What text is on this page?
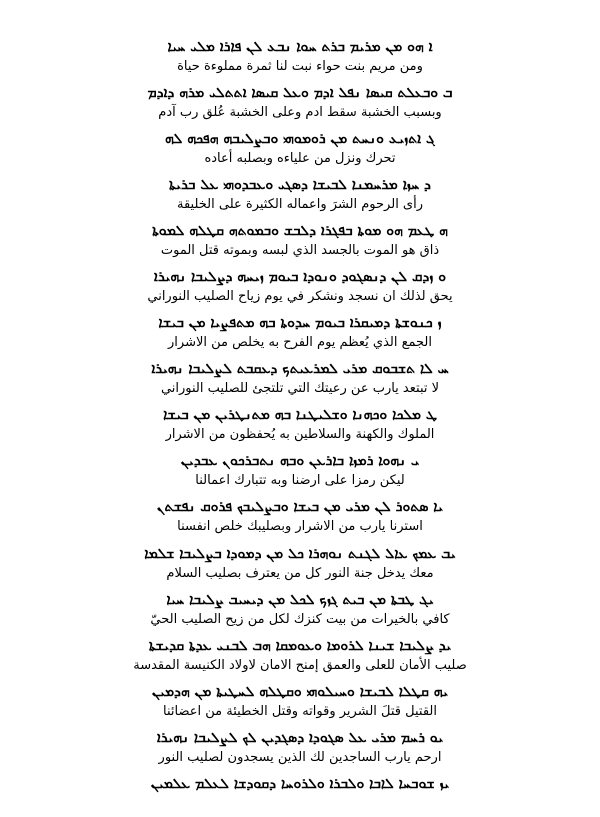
ܐ ܗܘ ܡܢ ܡܪܝܡ ܒܪܬ ܚܘܐ ܢܒܥ ܠܢ ܦܐܪܐ ܡܠܝ ܚܝܐ
ومن مريم بنت حواء نبت لنا ثمرة مملوءة حياة
ܒ ܘܒܥܠܬ ܩܝܣܐ ܢܦܠ ܐܕܡ ܘܥܠ ܩܝܣܐ ܐܬܬܠܝ ܡܪܗ ܕܐܕܡ
وبسبب الخشبة سقط ادم وعلى الخشبة عُلق رب آدم
ܓ ܐܬܙܝܥ ܘܢܚܬ ܡܢ ܪܘܡܘܗܝ ܘܒܨܠܝܒܗ ܗܦܟܗ ܠܗ
تحرك ونزل من علياءه وبصلبه أعاده
ܕ ܚܙܐ ܡܪܚܡܢܐ ܠܒܝܫܐ ܕܣܓܝ ܘܥܒܕܘܗܝ ܥܠ ܒܪܝܬܐ
رأى الرحوم الشرَ واعماله الكثيرة على الخليقة
ܗ ܛܥܡ ܗܘ ܡܘܬܐ ܒܦܓܪܐ ܕܠܒܫ ܘܒܡܘܬܗ ܩܛܠܗ ܠܡܘܬܐ
ذاق هو الموت بالجسد الذي لبسه وبموته قتل الموت
ܘ ܙܕܩ ܠܢ ܕܢܣܓܘܕ ܘܢܘܕܐ ܒܝܘܡ ܙܝܚܗ ܕܨܠܝܒܐ ܢܗܝܪܐ
يحق لذلك ان نسجد ونشكر في يوم زياح الصليب النوراني
ܙ ܟܢܘܫܬܐ ܕܡܝܩܪܐ ܒܝܘܡ ܚܕܘܬܐ ܒܗ ܡܬܦܨܝܐ ܡܢ ܒܝܫܐ
الجمع الذي يُعظم يوم الفرح به يخلص من الاشرار
ܚ ܠܐ ܬܫܒܘܩ ܡܪܝ ܠܡܪܥܝܬܟ ܕܥܩܒܬ ܠܨܠܝܒܐ ܢܗܝܪܐ
لا تبتعد يارب عن رعيتك التي تلتجئ للصليب النوراني
ܛ ܡܠܟܐ ܘܟܗܢܐ ܘܫܠܝܛܢܐ ܒܗ ܡܬܢܛܪܝܢ ܡܢ ܒܝܫܐ
الملوك والكهنة والسلاطين به يُحفظون من الاشرار
ܝ ܢܗܘܐ ܪܡܙܐ ܒܐܪܥܢ ܘܒܗ ܢܬܒܪܟܘܢ ܥܒܕܝܢ
ليكن رمزا على ارضنا وبه تتبارك اعمالنا
ܝܐ ܣܬܘܪ ܠܢ ܡܪܝ ܡܢ ܒܝܫܐ ܘܒܨܠܝܒܟ ܦܪܘܩ ܢܦܫܬܢ
استرنا يارب من الاشرار وبصليبك خلص انفسنا
ܝܒ ܥܡܟ ܥܐܠ ܠܓܢܬ ܢܘܗܪܐ ܟܠ ܡܢ ܕܡܘܕܐ ܒܨܠܝܒܐ ܫܠܡܐ
معك يدخل جنة النور كل من يعترف بصليب السلام
ܝܓ ܛܒܬܐ ܡܢ ܒܝܬ ܓܙܟ ܠܟܠ ܡܢ ܕܝܚܝܒ ܨܠܝܒܐ ܚܝܐ
كافي بالخيرات من بيت كنزك لكل من زيح الصليب الحيّ
ܝܕ ܨܠܝܒܐ ܫܝܢܐ ܠܪܘܡܐ ܘܥܘܡܩܐ ܗܒ ܠܒܢܝ ܥܕܬܐ ܩܕܝܫܬܐ
صليب الأمان للعلى والعمق إمنح الامان لاولاد الكنيسة المقدسة
ܝܗ ܩܛܠܐ ܠܒܝܫܐ ܘܚܝܠܘܗܝ ܘܩܛܠܗ ܠܚܛܝܬܐ ܡܢ ܗܕܡܝܢ
القتيل قتلَ الشرير وقواته وقتل الخطيئة من اعضائنا
ܝܘ ܪܚܡ ܡܪܝ ܥܠ ܣܓܘܕܐ ܕܣܓܕܝܢ ܠܟ ܠܨܠܝܒܐ ܢܗܝܪܐ
ارحم يارب الساجدين لك الذين يسجدون لصليب النور
ܝܙ ܫܘܒܚܐ ܠܐܒܐ ܘܠܒܪܐ ܘܠܪܘܚܐ ܕܩܘܕܫܐ ܠܥܠܡ ܥܠܡܝܢ
